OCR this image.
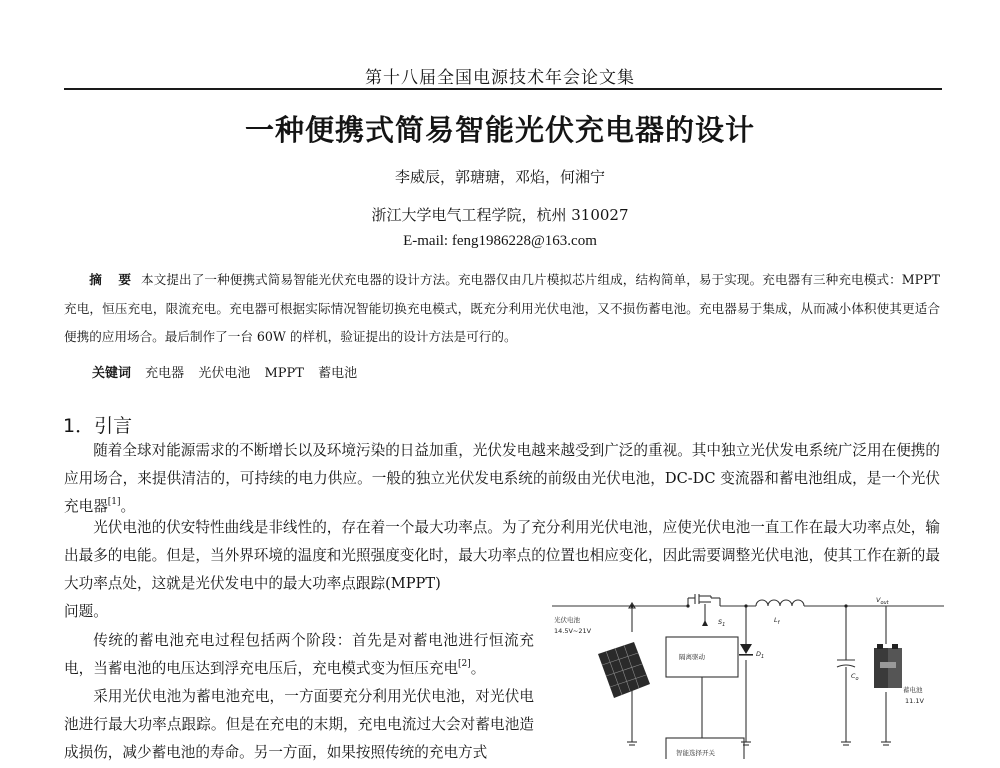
第十八届全国电源技术年会论文集
一种便携式简易智能光伏充电器的设计
李威辰，郭瑭瑭，邓焰，何湘宁
浙江大学电气工程学院，杭州 310027
E-mail: feng1986228@163.com
摘 要 本文提出了一种便携式简易智能光伏充电器的设计方法。充电器仅由几片模拟芯片组成，结构简单，易于实现。充电器有三种充电模式：MPPT 充电，恒压充电，限流充电。充电器可根据实际情况智能切换充电模式，既充分利用光伏电池，又不损伤蓄电池。充电器易于集成，从而减小体积使其更适合便携的应用场合。最后制作了一台 60W 的样机，验证提出的设计方法是可行的。
关键词 充电器 光伏电池 MPPT 蓄电池
1．引言
随着全球对能源需求的不断增长以及环境污染的日益加重，光伏发电越来越受到广泛的重视。其中独立光伏发电系统广泛用在便携的应用场合，来提供清洁的，可持续的电力供应。一般的独立光伏发电系统的前级由光伏电池，DC-DC 变流器和蓄电池组成，是一个光伏充电器[1]。
光伏电池的伏安特性曲线是非线性的，存在着一个最大功率点。为了充分利用光伏电池，应使光伏电池一直工作在最大功率点处，输出最多的电能。但是，当外界环境的温度和光照强度变化时，最大功率点的位置也相应变化，因此需要调整光伏电池，使其工作在新的最大功率点处，这就是光伏发电中的最大功率点跟踪(MPPT)
问题。
传统的蓄电池充电过程包括两个阶段：首先是对蓄电池进行恒流充电，当蓄电池的电压达到浮充电压后，充电模式变为恒压充电[2]。
采用光伏电池为蓄电池充电，一方面要充分利用光伏电池，对光伏电池进行最大功率点跟踪。但是在充电的末期，充电电流过大会对蓄电池造成损伤，减少蓄电池的寿命。另一方面，如果按照传统的充电方式
光伏电池
14.5V~21V
$S_1$
隔离驱动	$D_1$
$L_f$
$C_o$
$V_{out}$
蓄电池
11.1V
智能选择开关
